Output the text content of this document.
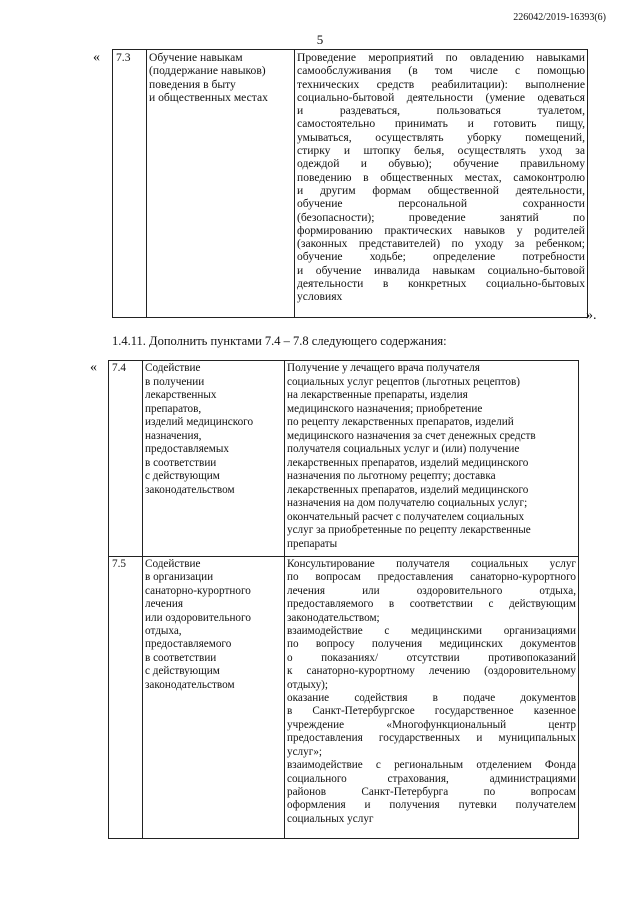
226042/2019-16393(6)
5
« 7.3	Обучение навыкам
(поддержание навыков)
поведения в быту
и общественных местах

Проведение мероприятий по овладению навыками
самообслуживания (в том числе с помощью
технических средств реабилитации): выполнение
социально-бытовой деятельности (умение одеваться
и раздеваться, пользоваться туалетом,
самостоятельно принимать и готовить пищу,
умываться, осуществлять уборку помещений,
стирку и штопку белья, осуществлять уход за
одеждой и обувью); обучение правильному
поведению в общественных местах, самоконтролю
и другим формам общественной деятельности,
обучение персональной сохранности
(безопасности); проведение занятий по
формированию практических навыков у родителей
(законных представителей) по уходу за ребенком;
обучение ходьбе; определение потребности
и обучение инвалида навыкам социально-бытовой
деятельности в конкретных социально-бытовых
условиях
».
1.4.11. Дополнить пунктами 7.4 – 7.8 следующего содержания:
« 7.4	Содействие
в получении
лекарственных
препаратов,
изделий медицинского
назначения,
предоставляемых
в соответствии
с действующим
законодательством

Получение у лечащего врача получателя
социальных услуг рецептов (льготных рецептов)
на лекарственные препараты, изделия
медицинского назначения; приобретение
по рецепту лекарственных препаратов, изделий
медицинского назначения за счет денежных средств
получателя социальных услуг и (или) получение
лекарственных препаратов, изделий медицинского
назначения по льготному рецепту; доставка
лекарственных препаратов, изделий медицинского
назначения на дом получателю социальных услуг;
окончательный расчет с получателем социальных
услуг за приобретенные по рецепту лекарственные
препараты
7.5	Содействие
в организации
санаторно-курортного
лечения
или оздоровительного
отдыха,
предоставляемого
в соответствии
с действующим
законодательством

Консультирование получателя социальных услуг
по вопросам предоставления санаторно-курортного
лечения или оздоровительного отдыха,
предоставляемого в соответствии с действующим
законодательством;
взаимодействие с медицинскими организациями
по вопросу получения медицинских документов
о показаниях/ отсутствии противопоказаний
к санаторно-курортному лечению (оздоровительному
отдыху);
оказание содействия в подаче документов
в Санкт-Петербургское государственное казенное
учреждение «Многофункциональный центр
предоставления государственных и муниципальных
услуг»;
взаимодействие с региональным отделением Фонда
социального страхования, администрациями
районов Санкт-Петербурга по вопросам
оформления и получения путевки получателем
социальных услуг
